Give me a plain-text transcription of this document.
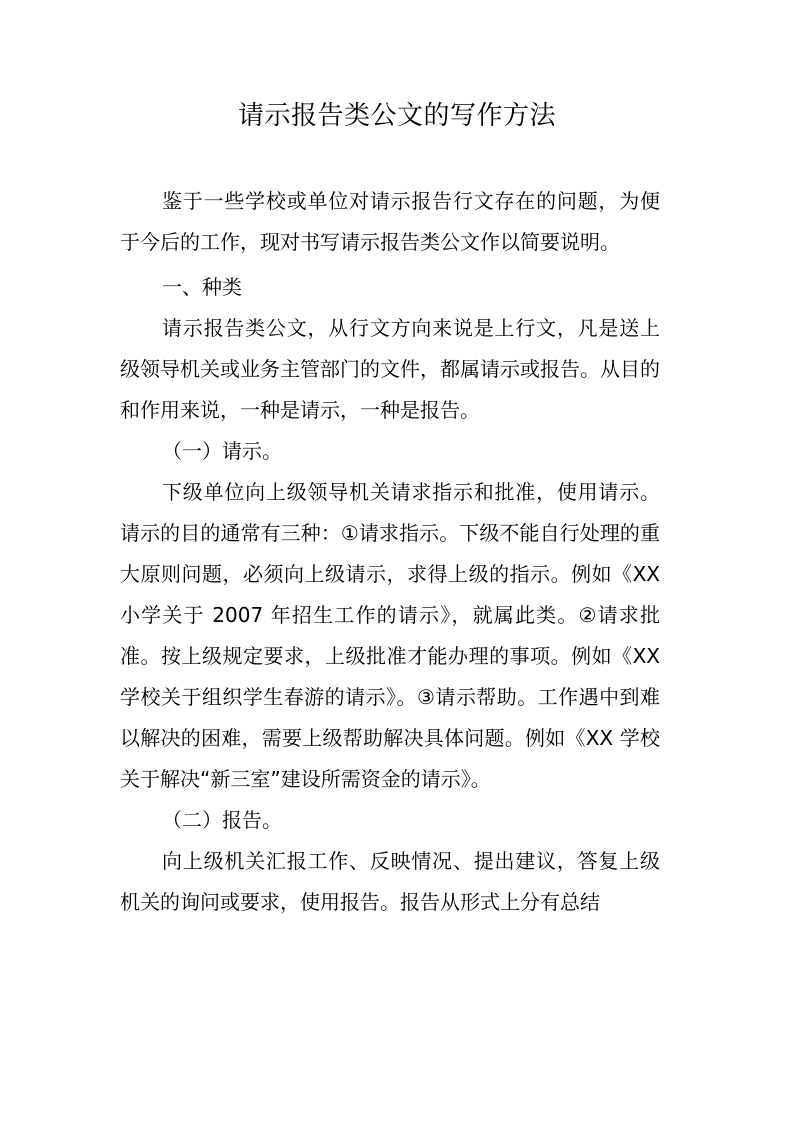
请示报告类公文的写作方法

鉴于一些学校或单位对请示报告行文存在的问题，为便于今后的工作，现对书写请示报告类公文作以简要说明。

一、种类

请示报告类公文，从行文方向来说是上行文，凡是送上级领导机关或业务主管部门的文件，都属请示或报告。从目的和作用来说，一种是请示，一种是报告。

（一）请示。

下级单位向上级领导机关请求指示和批准，使用请示。请示的目的通常有三种：①请求指示。下级不能自行处理的重大原则问题，必须向上级请示，求得上级的指示。例如《XX 小学关于 2007 年招生工作的请示》，就属此类。②请求批准。按上级规定要求，上级批准才能办理的事项。例如《XX 学校关于组织学生春游的请示》。③请示帮助。工作遇中到难以解决的困难，需要上级帮助解决具体问题。例如《XX 学校关于解决“新三室”建设所需资金的请示》。

（二）报告。

向上级机关汇报工作、反映情况、提出建议，答复上级机关的询问或要求，使用报告。报告从形式上分有总结
